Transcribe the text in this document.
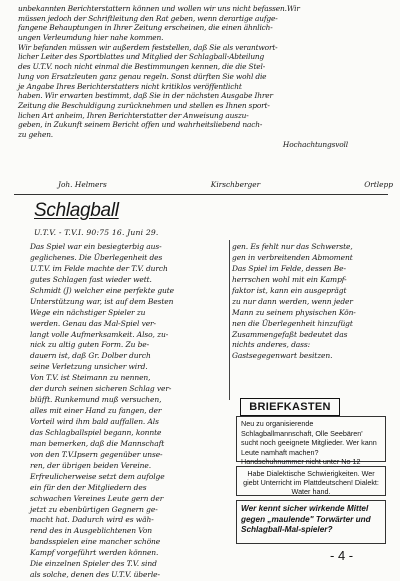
unbekannten Berichterstattern können und wollen wir uns nicht befassen.Wir
müssen jedoch der Schriftleitung den Rat geben, wenn derartige aufge-
fangene Behauptungen in Ihrer Zeitung erscheinen, die einen ähnlich-
ungen Verleumdung hier nahe kommen.
Wir befanden müssen wir außerdem feststellen, daß Sie als verantwort-
licher Leiter des Sportblattes und Mitglied der Schlagball-Abteilung
des U.T.V. noch nicht einmal die Bestimmungen kennen, die die Stel-
lung von Ersatzleuten ganz genau regeln. Sonst dürften Sie wohl die
je Angabe Ihres Berichterstatters nicht kritiklos veröffentlicht
haben. Wir erwarten bestimmt, daß Sie in der nächsten Ausgabe Ihrer
Zeitung die Beschuldigung zurücknehmen und stellen es Ihnen sport-
lichen Art anheim, Ihren Berichterstatter der Anweisung auszu-
geben, in Zukunft seinem Bericht offen und wahrheitsliebend nach-
zu gehen.
Hochachtungsvoll
Joh. Helmers	Kirschberger	Ortlepp
Schlagball
U.T.V. - T.V.I. 90:75 16. Juni 29.
Das Spiel war ein besiegterbig aus-
geglichenes. Die Überlegenheit des
U.T.V. im Felde machte der T.V. durch
gutes Schlagen fast wieder wett.
Schmidt (J) welcher eine perfekte gute
Unterstützung war, ist auf dem Besten
Wege ein nächstiger Spieler zu
werden. Genau das Mal-Spiel ver-
langt volle Aufmerksamkeit. Also, zu-
nick zu altig guten Form. Zu be-
dauern ist, daß Gr. Dolber durch
seine Verletzung unsicher wird.
Von T.V. ist Steimann zu nennen,
der durch seinen sicheren Schlag ver-
blüfft. Runkemund muß versuchen,
alles mit einer Hand zu fangen, der
Vorteil wird ihm bald auffallen. Als
das Schlagballspiel begann, konnte
man bemerken, daß die Mannschaft
von den T.V.Ipsern gegenüber unse-
ren, der übrigen beiden Vereine.
Erfreulicherweise setzt dem aufolge
ein für den der Mitgliedern des
schwachen Vereines Leute gern der
jetzt zu ebenbürtigen Gegnern ge-
macht hat. Dadurch wird es wäh-
rend des in Ausgeblichtenen Von
bandsspielen eine mancher schöne
Kampf vorgeführt werden können.
Die einzelnen Spieler des T.V. sind
als solche, denen des U.T.V. überle-
gen. Es fehlt nur das Schwerste,
gen in verbreitenden Abmoment
Das Spiel im Felde, dessen Be-
herrschen wohl mit ein Kampf-
faktor ist, kann ein ausgeprägt
zu nur dann werden, wenn jeder
Mann zu seinem physischen Kön-
nen die Überlegenheit hinzufügt
Zusammengefaßt bedeutet das
nichts anderes, dass:
Gastsegegenwart besitzen.
BRIEFKASTEN
Neu zu organisierende Schlagballmannschaft, Olle Seebären' sucht noch geeignete Mitglieder. Wer kann Leute namhaft machen? Handschuhnummer nicht unter No 12
Habe Dialektische Schwierigkeiten. Wer giebt Unterricht im Plattdeutschen! Dialekt: Water hand.
Wer kennt sicher wirkende Mittel gegen „maulende" Torwärter und Schlagball-Mal-spieler?
- 4 -
